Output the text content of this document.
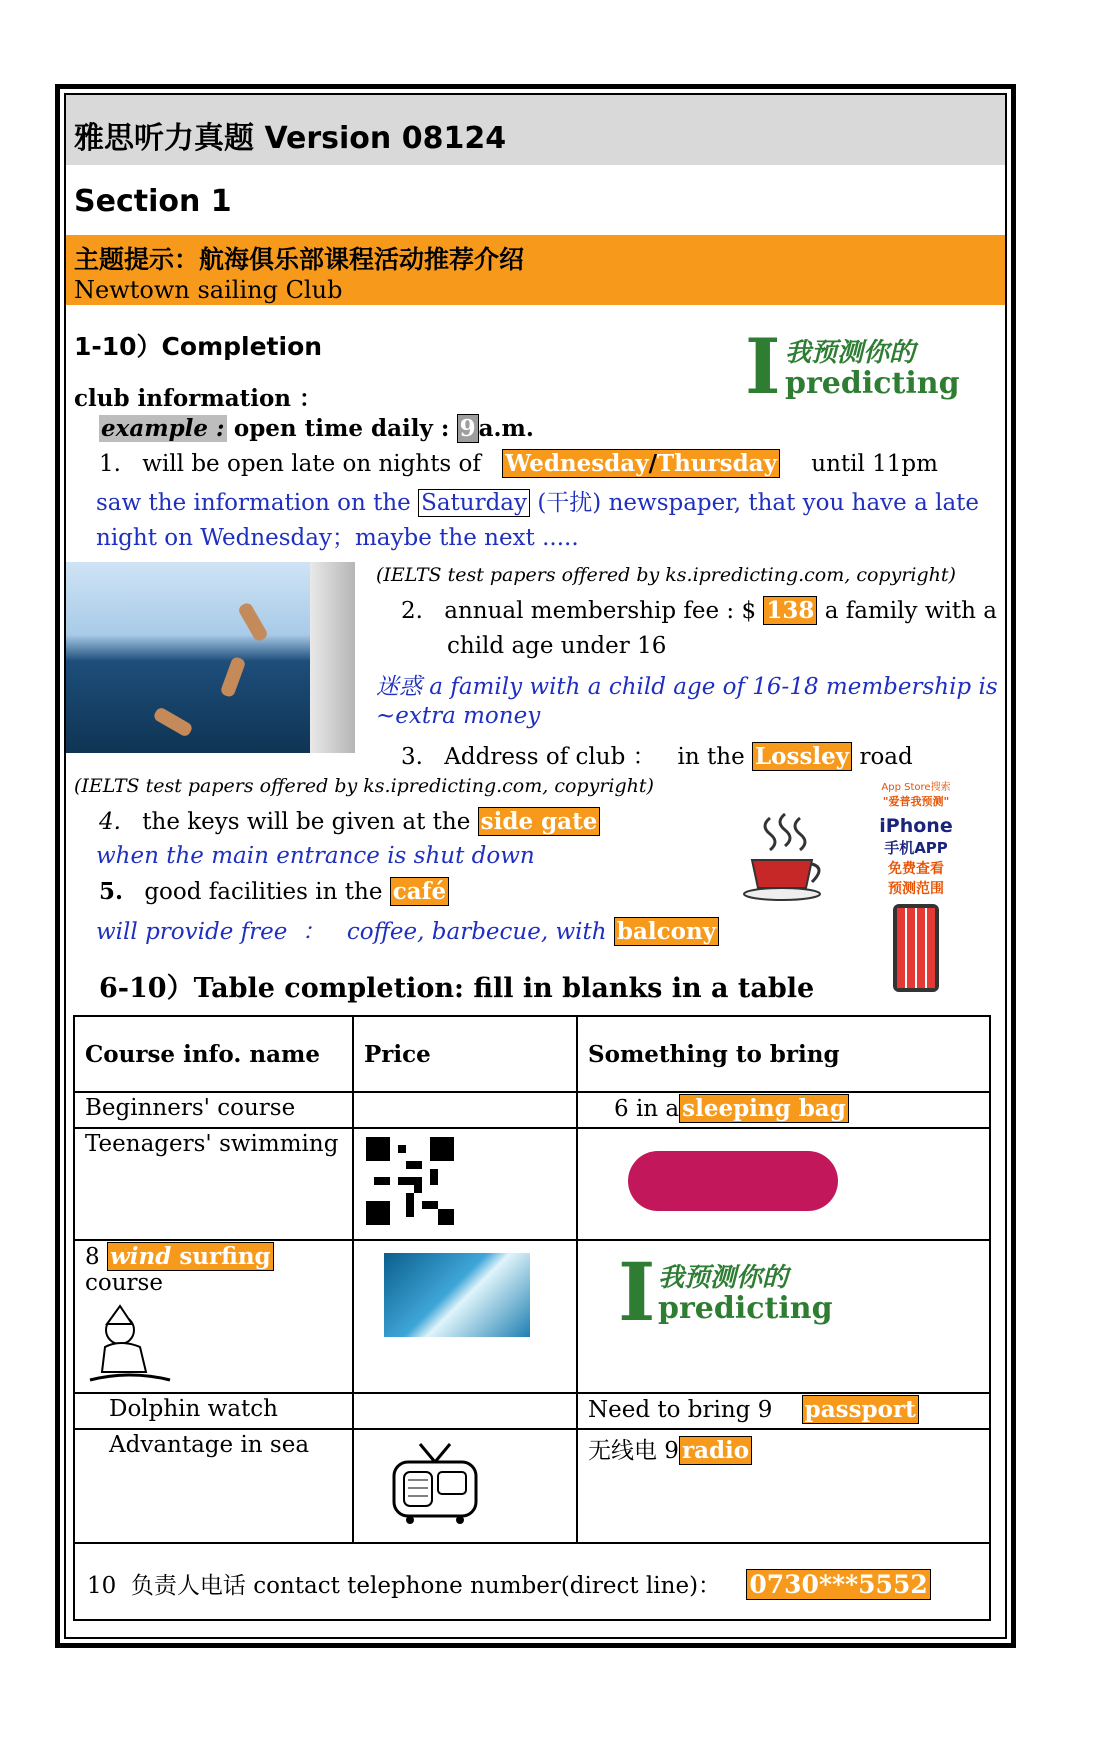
雅思听力真题 Version 08124
Section 1
主题提示：航海俱乐部课程活动推荐介绍
Newtown sailing Club
1-10）Completion	I 我预测你的
predicting
club information ：
example : open time daily : 9 a.m.
1. will be open late on nights of Wednesday/Thursday until 11pm
saw the information on the Saturday (干扰) newspaper, that you have a late
night on Wednesday；maybe the next .....
(IELTS test papers offered by ks.ipredicting.com, copyright)
2. annual membership fee : $ 138 a family with a
child age under 16
迷惑 a family with a child age of 16-18 membership is
~extra money
3. Address of club ：   in the Lossley road
(IELTS test papers offered by ks.ipredicting.com, copyright)
4. the keys will be given at the side gate
when the main entrance is shut down
5. good facilities in the café
will provide free  ：   coffee, barbecue, with balcony
App Store搜索
"爱普我预测"
iPhone
手机APP
免费查看
预测范围
6-10）Table completion: fill in blanks in a table
Course info. name	Price	Something to bring
Beginners' course		6 in a sleeping bag
Teenagers' swimming		

8 wind surfing course		I 我预测你的
predicting

Dolphin watch		Need to bring 9 passport
Advantage in sea		无线电 9 radio
10  负责人电话 contact telephone number(direct line)： 0730***5552
